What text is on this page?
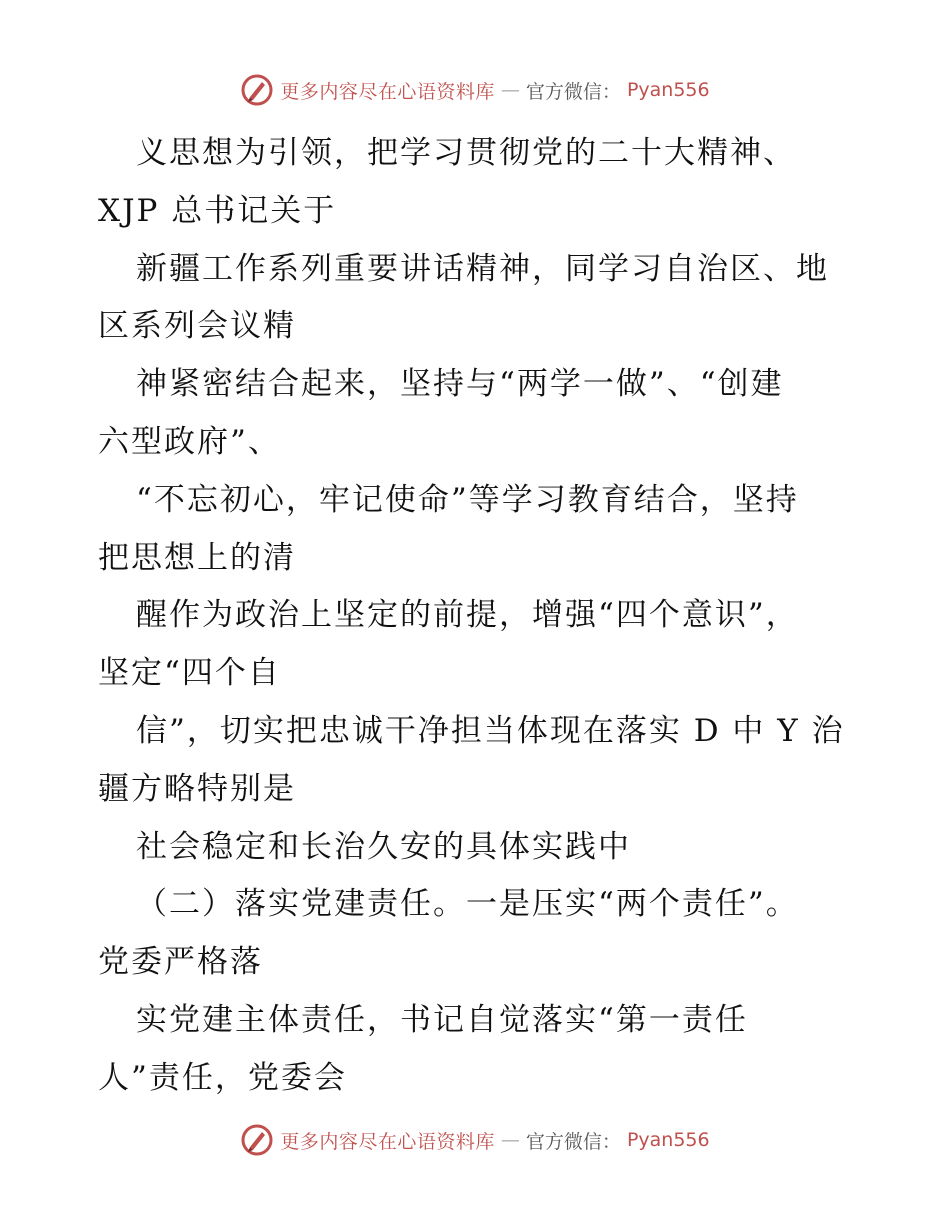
更多内容尽在心语资料库 — 官方微信： Pyan556
义思想为引领，把学习贯彻党的二十大精神、
XJP 总书记关于
新疆工作系列重要讲话精神，同学习自治区、地
区系列会议精
神紧密结合起来，坚持与“两学一做”、“创建
六型政府”、
“不忘初心，牢记使命”等学习教育结合，坚持
把思想上的清
醒作为政治上坚定的前提，增强“四个意识”，
坚定“四个自
信”，切实把忠诚干净担当体现在落实 D 中 Y 治
疆方略特别是
社会稳定和长治久安的具体实践中
（二）落实党建责任。一是压实“两个责任”。
党委严格落
实党建主体责任，书记自觉落实“第一责任
人”责任，党委会
更多内容尽在心语资料库 — 官方微信： Pyan556
